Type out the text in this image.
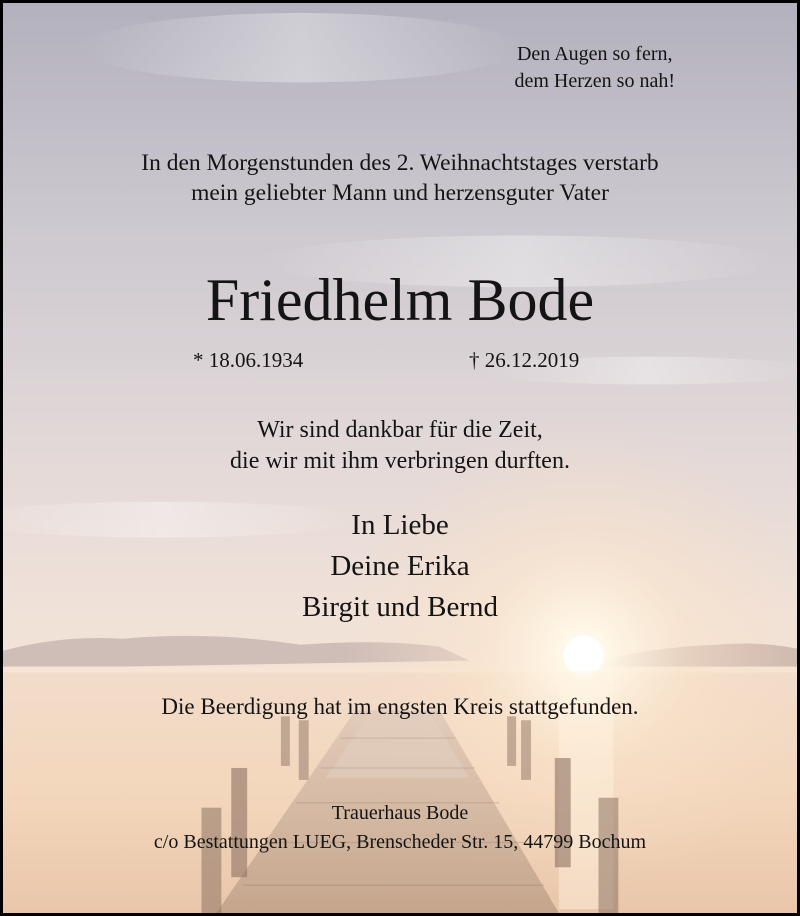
Den Augen so fern,
dem Herzen so nah!
In den Morgenstunden des 2. Weihnachtstages verstarb
mein geliebter Mann und herzensguter Vater
Friedhelm Bode
* 18.06.1934	† 26.12.2019
Wir sind dankbar für die Zeit,
die wir mit ihm verbringen durften.
In Liebe
Deine Erika
Birgit und Bernd
Die Beerdigung hat im engsten Kreis stattgefunden.
Trauerhaus Bode
c/o Bestattungen LUEG, Brenscheder Str. 15, 44799 Bochum
